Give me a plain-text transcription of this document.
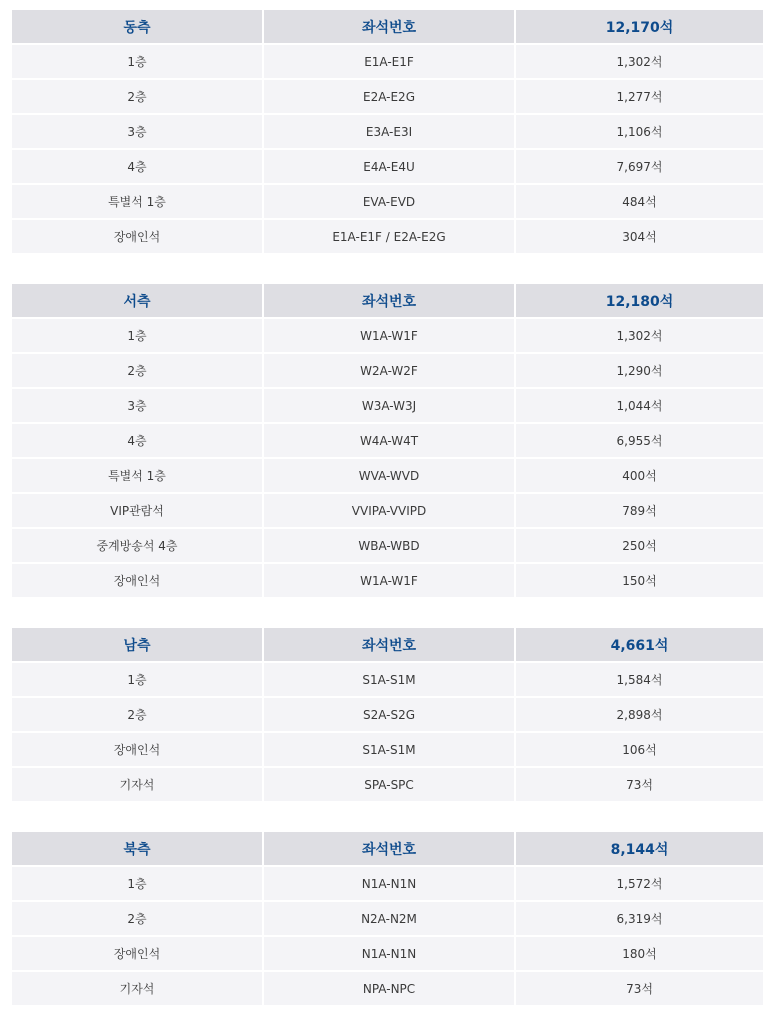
동측	좌석번호	12,170석
1층	E1A-E1F	1,302석
2층	E2A-E2G	1,277석
3층	E3A-E3I	1,106석
4층	E4A-E4U	7,697석
특별석 1층	EVA-EVD	484석
장애인석	E1A-E1F / E2A-E2G	304석
서측	좌석번호	12,180석
1층	W1A-W1F	1,302석
2층	W2A-W2F	1,290석
3층	W3A-W3J	1,044석
4층	W4A-W4T	6,955석
특별석 1층	WVA-WVD	400석
VIP관람석	VVIPA-VVIPD	789석
중계방송석 4층	WBA-WBD	250석
장애인석	W1A-W1F	150석
남측	좌석번호	4,661석
1층	S1A-S1M	1,584석
2층	S2A-S2G	2,898석
장애인석	S1A-S1M	106석
기자석	SPA-SPC	73석
북측	좌석번호	8,144석
1층	N1A-N1N	1,572석
2층	N2A-N2M	6,319석
장애인석	N1A-N1N	180석
기자석	NPA-NPC	73석
